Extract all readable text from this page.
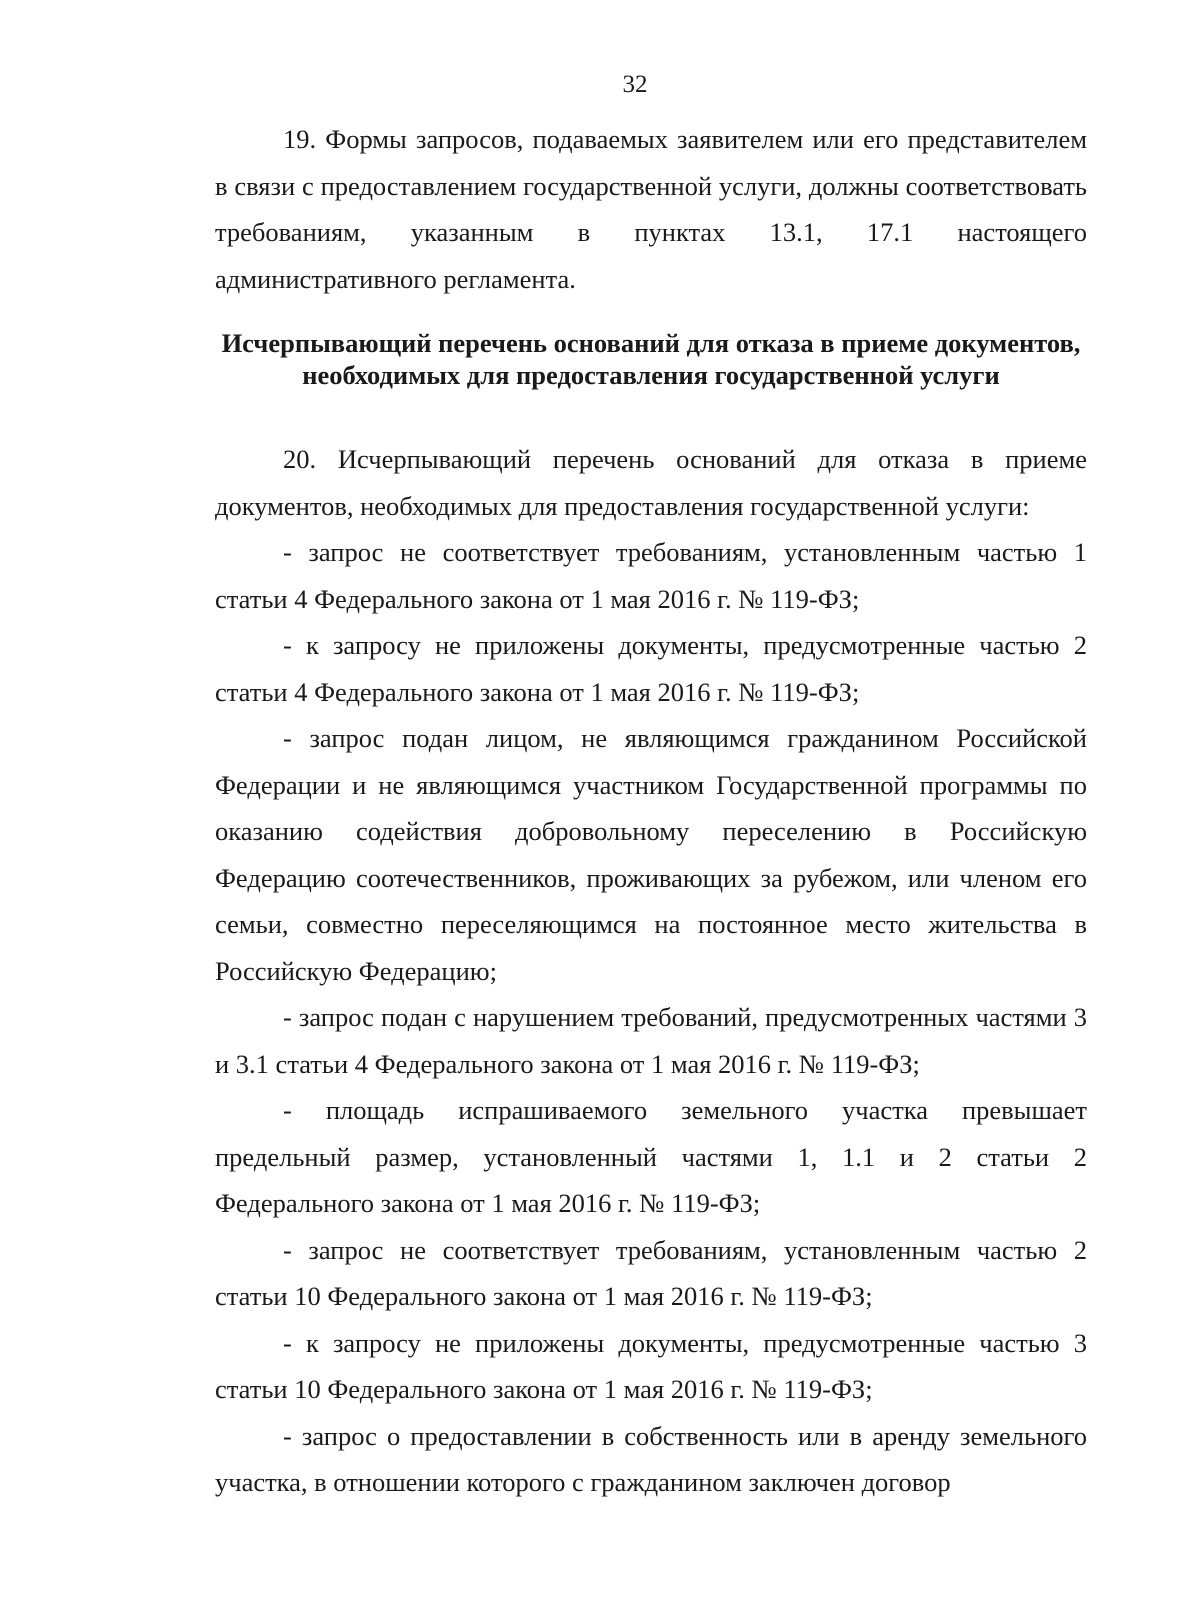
32

19. Формы запросов, подаваемых заявителем или его представителем в связи с предоставлением государственной услуги, должны соответствовать требованиям, указанным в пунктах 13.1, 17.1 настоящего административного регламента.

Исчерпывающий перечень оснований для отказа в приеме документов, необходимых для предоставления государственной услуги

20. Исчерпывающий перечень оснований для отказа в приеме документов, необходимых для предоставления государственной услуги:

- запрос не соответствует требованиям, установленным частью 1 статьи 4 Федерального закона от 1 мая 2016 г. № 119-ФЗ;

- к запросу не приложены документы, предусмотренные частью 2 статьи 4 Федерального закона от 1 мая 2016 г. № 119-ФЗ;

- запрос подан лицом, не являющимся гражданином Российской Федерации и не являющимся участником Государственной программы по оказанию содействия добровольному переселению в Российскую Федерацию соотечественников, проживающих за рубежом, или членом его семьи, совместно переселяющимся на постоянное место жительства в Российскую Федерацию;

- запрос подан с нарушением требований, предусмотренных частями 3 и 3.1 статьи 4 Федерального закона от 1 мая 2016 г. № 119-ФЗ;

- площадь испрашиваемого земельного участка превышает предельный размер, установленный частями 1, 1.1 и 2 статьи 2 Федерального закона от 1 мая 2016 г. № 119-ФЗ;

- запрос не соответствует требованиям, установленным частью 2 статьи 10 Федерального закона от 1 мая 2016 г. № 119-ФЗ;

- к запросу не приложены документы, предусмотренные частью 3 статьи 10 Федерального закона от 1 мая 2016 г. № 119-ФЗ;

- запрос о предоставлении в собственность или в аренду земельного участка, в отношении которого с гражданином заключен договор
